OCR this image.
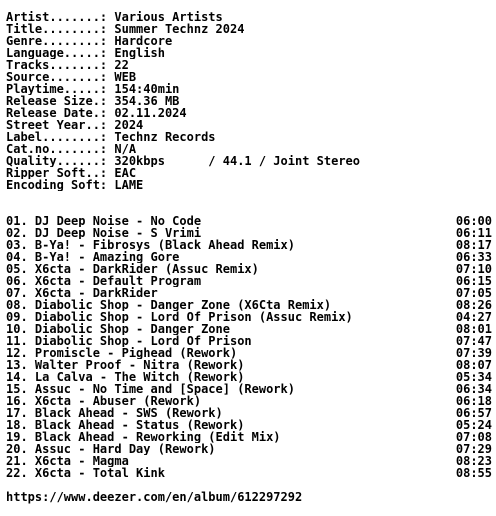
Artist.......: Various Artists
Title........: Summer Technz 2024
Genre........: Hardcore
Language.....: English
Tracks.......: 22
Source.......: WEB
Playtime.....: 154:40min
Release Size.: 354.36 MB
Release Date.: 02.11.2024
Street Year..: 2024
Label........: Technz Records
Cat.no.......: N/A
Quality......: 320kbps      / 44.1 / Joint Stereo
Ripper Soft..: EAC
Encoding Soft: LAME
01. DJ Deep Noise - No Code	06:00
02. DJ Deep Noise - S Vrimi	06:11
03. B-Ya! - Fibrosys (Black Ahead Remix)	08:17
04. B-Ya! - Amazing Gore	06:33
05. X6cta - DarkRider (Assuc Remix)	07:10
06. X6cta - Default Program	06:15
07. X6cta - DarkRider	07:05
08. Diabolic Shop - Danger Zone (X6Cta Remix)	08:26
09. Diabolic Shop - Lord Of Prison (Assuc Remix)	04:27
10. Diabolic Shop - Danger Zone	08:01
11. Diabolic Shop - Lord Of Prison	07:47
12. Promiscle - Pighead (Rework)	07:39
13. Walter Proof - Nitra (Rework)	08:07
14. La Calva - The Witch (Rework)	05:34
15. Assuc - No Time and [Space] (Rework)	06:34
16. X6cta - Abuser (Rework)	06:18
17. Black Ahead - SWS (Rework)	06:57
18. Black Ahead - Status (Rework)	05:24
19. Black Ahead - Reworking (Edit Mix)	07:08
20. Assuc - Hard Day (Rework)	07:29
21. X6cta - Magma	08:23
22. X6cta - Total Kink	08:55
https://www.deezer.com/en/album/612297292
